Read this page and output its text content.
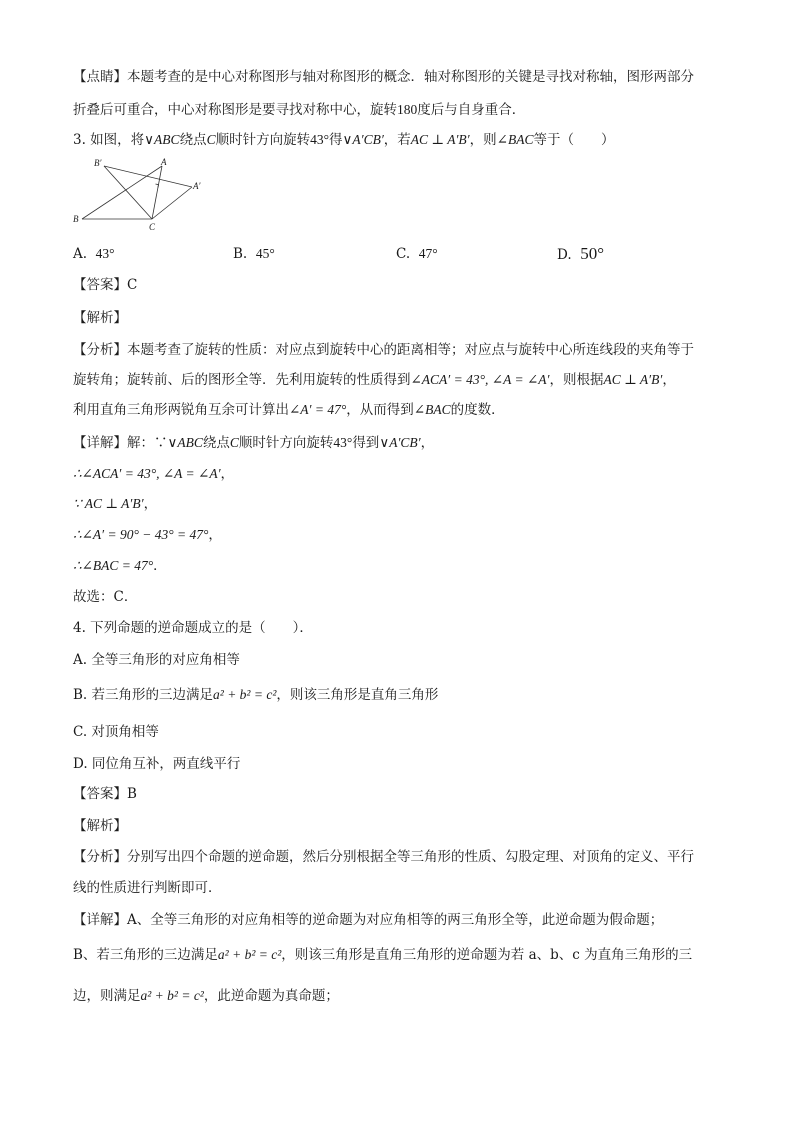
【点睛】本题考查的是中心对称图形与轴对称图形的概念．轴对称图形的关键是寻找对称轴，图形两部分
折叠后可重合，中心对称图形是要寻找对称中心，旋转180度后与自身重合．
3. 如图，将∨ABC绕点C顺时针方向旋转43°得∨A′CB′，若AC ⊥ A′B′，则∠BAC等于（　　）
B′	A
A′
B
C
A. 43°	B. 45°	C. 47°	D. 50°
【答案】C
【解析】
【分析】本题考查了旋转的性质：对应点到旋转中心的距离相等；对应点与旋转中心所连线段的夹角等于
旋转角；旋转前、后的图形全等．先利用旋转的性质得到∠ACA′ = 43°, ∠A = ∠A′，则根据AC ⊥ A′B′，
利用直角三角形两锐角互余可计算出∠A′ = 47°，从而得到∠BAC的度数．
【详解】解：∵∨ABC绕点C顺时针方向旋转43°得到∨A′CB′，
∴∠ACA′ = 43°, ∠A = ∠A′，
∵ AC ⊥ A′B′，
∴∠A′ = 90° − 43° = 47°，
∴∠BAC = 47°．
故选：C．
4. 下列命题的逆命题成立的是（　　）．
A. 全等三角形的对应角相等
B. 若三角形的三边满足a² + b² = c²，则该三角形是直角三角形
C. 对顶角相等
D. 同位角互补，两直线平行
【答案】B
【解析】
【分析】分别写出四个命题的逆命题，然后分别根据全等三角形的性质、勾股定理、对顶角的定义、平行
线的性质进行判断即可．
【详解】A、全等三角形的对应角相等的逆命题为对应角相等的两三角形全等，此逆命题为假命题；
B、若三角形的三边满足a² + b² = c²，则该三角形是直角三角形的逆命题为若 a、b、c 为直角三角形的三
边，则满足a² + b² = c²，此逆命题为真命题；
